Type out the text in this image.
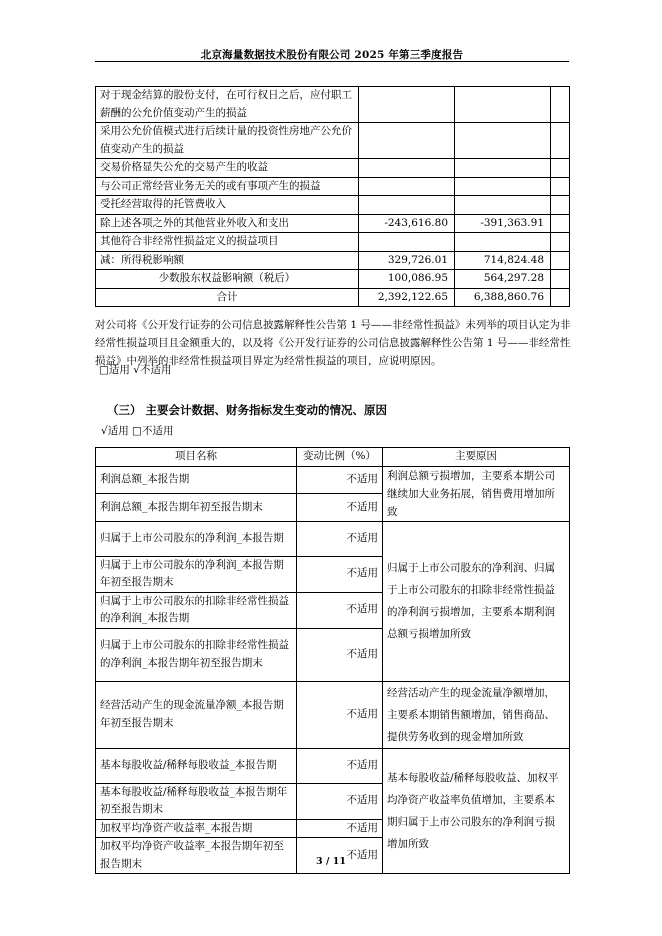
北京海量数据技术股份有限公司 2025 年第三季度报告
对于现金结算的股份支付，在可行权日之后，应付职工薪酬的公允价值变动产生的损益			
采用公允价值模式进行后续计量的投资性房地产公允价值变动产生的损益			
交易价格显失公允的交易产生的收益			
与公司正常经营业务无关的或有事项产生的损益			
受托经营取得的托管费收入			
除上述各项之外的其他营业外收入和支出	-243,616.80	-391,363.91	
其他符合非经常性损益定义的损益项目			
减：所得税影响额	329,726.01	714,824.48	
少数股东权益影响额（税后）	100,086.95	564,297.28	
合计	2,392,122.65	6,388,860.76	
对公司将《公开发行证券的公司信息披露解释性公告第 1 号——非经常性损益》未列举的项目认定为非经常性损益项目且金额重大的，以及将《公开发行证券的公司信息披露解释性公告第 1 号——非经常性损益》中列举的非经常性损益项目界定为经常性损益的项目，应说明原因。
□适用 √不适用
（三） 主要会计数据、财务指标发生变动的情况、原因
√适用 □不适用
项目名称	变动比例（%）	主要原因
利润总额_本报告期	不适用	利润总额亏损增加，主要系本期公司继续加大业务拓展，销售费用增加所致
利润总额_本报告期年初至报告期末	不适用	
归属于上市公司股东的净利润_本报告期	不适用	归属于上市公司股东的净利润、归属于上市公司股东的扣除非经常性损益的净利润亏损增加，主要系本期利润总额亏损增加所致
归属于上市公司股东的净利润_本报告期年初至报告期末	不适用	
归属于上市公司股东的扣除非经常性损益的净利润_本报告期	不适用	
归属于上市公司股东的扣除非经常性损益的净利润_本报告期年初至报告期末	不适用	
经营活动产生的现金流量净额_本报告期年初至报告期末	不适用	经营活动产生的现金流量净额增加，主要系本期销售额增加，销售商品、提供劳务收到的现金增加所致
基本每股收益/稀释每股收益_本报告期	不适用	基本每股收益/稀释每股收益、加权平均净资产收益率负值增加，主要系本期归属于上市公司股东的净利润亏损增加所致
基本每股收益/稀释每股收益_本报告期年初至报告期末	不适用	
加权平均净资产收益率_本报告期	不适用	
加权平均净资产收益率_本报告期年初至报告期末	不适用	
3 / 11
